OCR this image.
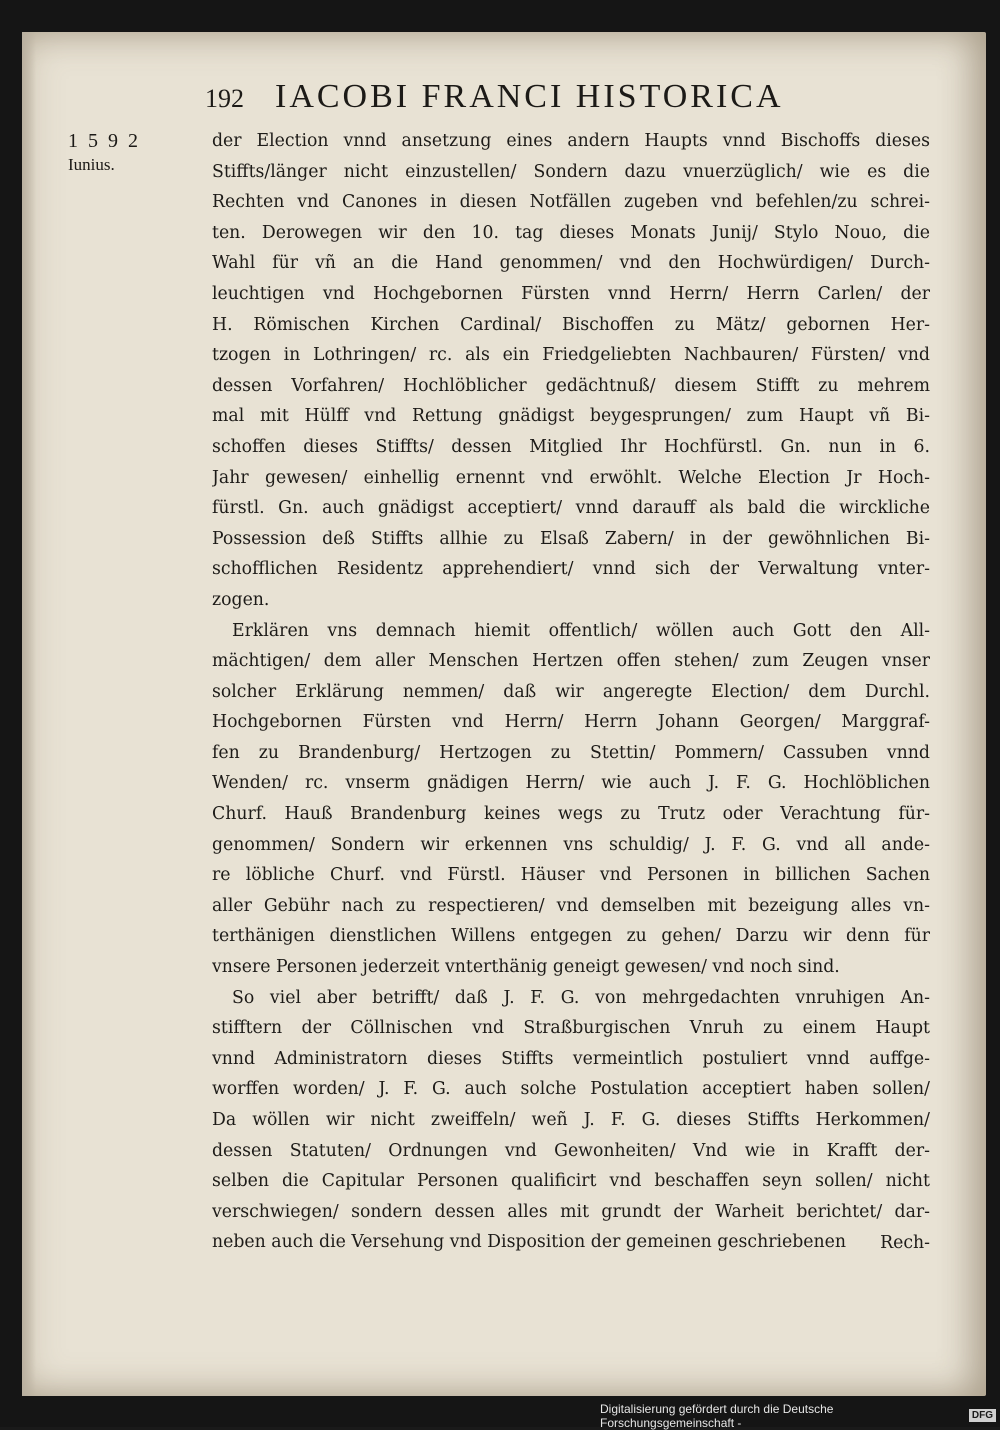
192 IACOBI FRANCI HISTORICA
1592
Iunius.
der Election vnnd ansetzung eines andern Haupts vnnd Bischoffs dieses
Stiffts/länger nicht einzustellen/ Sondern dazu vnuerzüglich/ wie es die
Rechten vnd Canones in diesen Notfällen zugeben vnd befehlen/zu schrei-
ten. Derowegen wir den 10. tag dieses Monats Junij/ Stylo Nouo, die
Wahl für vñ an die Hand genommen/ vnd den Hochwürdigen/ Durch-
leuchtigen vnd Hochgebornen Fürsten vnnd Herrn/ Herrn Carlen/ der
H. Römischen Kirchen Cardinal/ Bischoffen zu Mätz/ gebornen Her-
tzogen in Lothringen/ rc. als ein Friedgeliebten Nachbauren/ Fürsten/ vnd
dessen Vorfahren/ Hochlöblicher gedächtnuß/ diesem Stifft zu mehrem
mal mit Hülff vnd Rettung gnädigst beygesprungen/ zum Haupt vñ Bi-
schoffen dieses Stiffts/ dessen Mitglied Ihr Hochfürstl. Gn. nun in 6.
Jahr gewesen/ einhellig ernennt vnd erwöhlt. Welche Election Jr Hoch-
fürstl. Gn. auch gnädigst acceptiert/ vnnd darauff als bald die wirckliche
Possession deß Stiffts allhie zu Elsaß Zabern/ in der gewöhnlichen Bi-
schofflichen Residentz apprehendiert/ vnnd sich der Verwaltung vnter-
zogen.
Erklären vns demnach hiemit offentlich/ wöllen auch Gott den All-
mächtigen/ dem aller Menschen Hertzen offen stehen/ zum Zeugen vnser
solcher Erklärung nemmen/ daß wir angeregte Election/ dem Durchl.
Hochgebornen Fürsten vnd Herrn/ Herrn Johann Georgen/ Marggraf-
fen zu Brandenburg/ Hertzogen zu Stettin/ Pommern/ Cassuben vnnd
Wenden/ rc. vnserm gnädigen Herrn/ wie auch J. F. G. Hochlöblichen
Churf. Hauß Brandenburg keines wegs zu Trutz oder Verachtung für-
genommen/ Sondern wir erkennen vns schuldig/ J. F. G. vnd all ande-
re löbliche Churf. vnd Fürstl. Häuser vnd Personen in billichen Sachen
aller Gebühr nach zu respectieren/ vnd demselben mit bezeigung alles vn-
terthänigen dienstlichen Willens entgegen zu gehen/ Darzu wir denn für
vnsere Personen jederzeit vnterthänig geneigt gewesen/ vnd noch sind.
So viel aber betrifft/ daß J. F. G. von mehrgedachten vnruhigen An-
stifftern der Cöllnischen vnd Straßburgischen Vnruh zu einem Haupt
vnnd Administratorn dieses Stiffts vermeintlich postuliert vnnd auffge-
worffen worden/ J. F. G. auch solche Postulation acceptiert haben sollen/
Da wöllen wir nicht zweiffeln/ weñ J. F. G. dieses Stiffts Herkommen/
dessen Statuten/ Ordnungen vnd Gewonheiten/ Vnd wie in Krafft der-
selben die Capitular Personen qualificirt vnd beschaffen seyn sollen/ nicht
verschwiegen/ sondern dessen alles mit grundt der Warheit berichtet/ dar-
neben auch die Versehung vnd Disposition der gemeinen geschriebenen	Rech-
Digitalisierung gefördert durch die Deutsche Forschungsgemeinschaft -	DFG
